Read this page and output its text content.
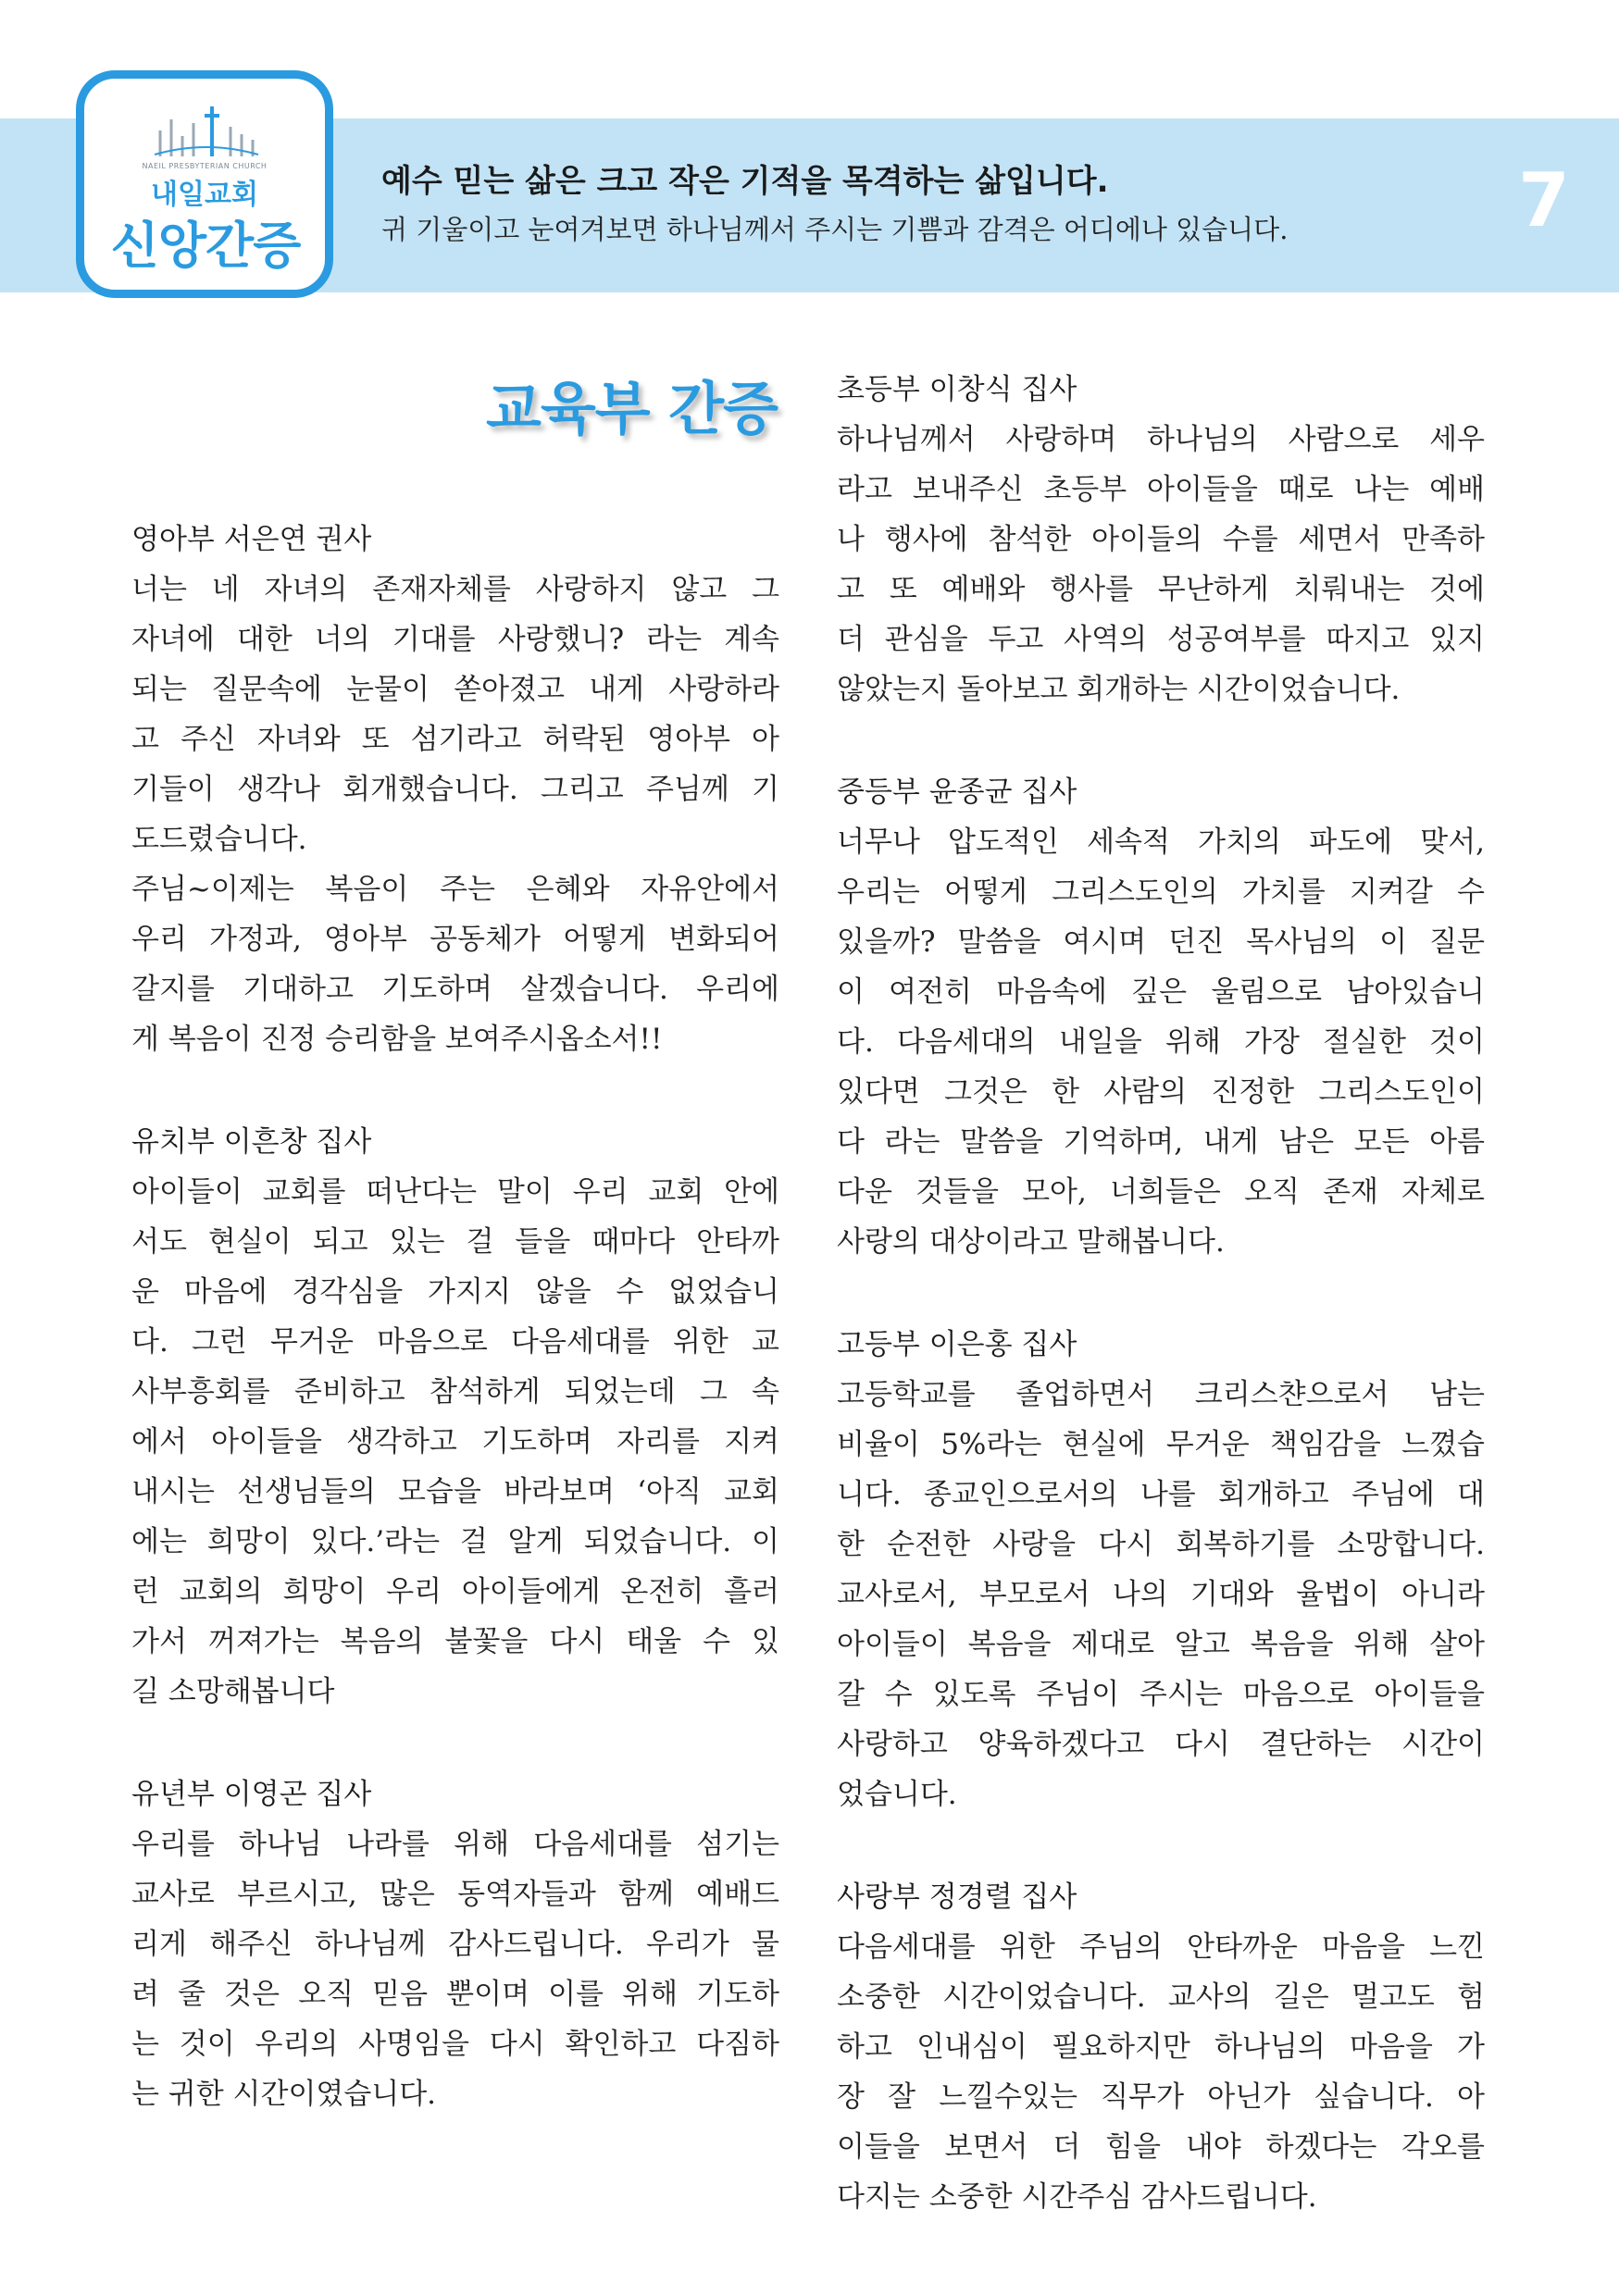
NAEIL PRESBYTERIAN CHURCH
내일교회
신앙간증
예수 믿는 삶은 크고 작은 기적을 목격하는 삶입니다.
귀 기울이고 눈여겨보면 하나님께서 주시는 기쁨과 감격은 어디에나 있습니다.	7
교육부 간증
영아부 서은연 권사
너는 네 자녀의 존재자체를 사랑하지 않고 그
자녀에 대한 너의 기대를 사랑했니? 라는 계속
되는 질문속에 눈물이 쏟아졌고 내게 사랑하라
고 주신 자녀와 또 섬기라고 허락된 영아부 아
기들이 생각나 회개했습니다. 그리고 주님께 기
도드렸습니다.
주님~이제는 복음이 주는 은혜와 자유안에서
우리 가정과, 영아부 공동체가 어떻게 변화되어
갈지를 기대하고 기도하며 살겠습니다. 우리에
게 복음이 진정 승리함을 보여주시옵소서!!
유치부 이흔창 집사
아이들이 교회를 떠난다는 말이 우리 교회 안에
서도 현실이 되고 있는 걸 들을 때마다 안타까
운 마음에 경각심을 가지지 않을 수 없었습니
다. 그런 무거운 마음으로 다음세대를 위한 교
사부흥회를 준비하고 참석하게 되었는데 그 속
에서 아이들을 생각하고 기도하며 자리를 지켜
내시는 선생님들의 모습을 바라보며 ‘아직 교회
에는 희망이 있다.’라는 걸 알게 되었습니다. 이
런 교회의 희망이 우리 아이들에게 온전히 흘러
가서 꺼져가는 복음의 불꽃을 다시 태울 수 있
길 소망해봅니다
유년부 이영곤 집사
우리를 하나님 나라를 위해 다음세대를 섬기는
교사로 부르시고, 많은 동역자들과 함께 예배드
리게 해주신 하나님께 감사드립니다. 우리가 물
려 줄 것은 오직 믿음 뿐이며 이를 위해 기도하
는 것이 우리의 사명임을 다시 확인하고 다짐하
는 귀한 시간이였습니다.
초등부 이창식 집사
하나님께서 사랑하며 하나님의 사람으로 세우
라고 보내주신 초등부 아이들을 때로 나는 예배
나 행사에 참석한 아이들의 수를 세면서 만족하
고 또 예배와 행사를 무난하게 치뤄내는 것에
더 관심을 두고 사역의 성공여부를 따지고 있지
않았는지 돌아보고 회개하는 시간이었습니다.
중등부 윤종균 집사
너무나 압도적인 세속적 가치의 파도에 맞서,
우리는 어떻게 그리스도인의 가치를 지켜갈 수
있을까? 말씀을 여시며 던진 목사님의 이 질문
이 여전히 마음속에 깊은 울림으로 남아있습니
다. 다음세대의 내일을 위해 가장 절실한 것이
있다면 그것은 한 사람의 진정한 그리스도인이
다 라는 말씀을 기억하며, 내게 남은 모든 아름
다운 것들을 모아, 너희들은 오직 존재 자체로
사랑의 대상이라고 말해봅니다.
고등부 이은홍 집사
고등학교를 졸업하면서 크리스챤으로서 남는
비율이 5%라는 현실에 무거운 책임감을 느꼈습
니다. 종교인으로서의 나를 회개하고 주님에 대
한 순전한 사랑을 다시 회복하기를 소망합니다.
교사로서, 부모로서 나의 기대와 율법이 아니라
아이들이 복음을 제대로 알고 복음을 위해 살아
갈 수 있도록 주님이 주시는 마음으로 아이들을
사랑하고 양육하겠다고 다시 결단하는 시간이
었습니다.
사랑부 정경렬 집사
다음세대를 위한 주님의 안타까운 마음을 느낀
소중한 시간이었습니다. 교사의 길은 멀고도 험
하고 인내심이 필요하지만 하나님의 마음을 가
장 잘 느낄수있는 직무가 아닌가 싶습니다. 아
이들을 보면서 더 힘을 내야 하겠다는 각오를
다지는 소중한 시간주심 감사드립니다.
